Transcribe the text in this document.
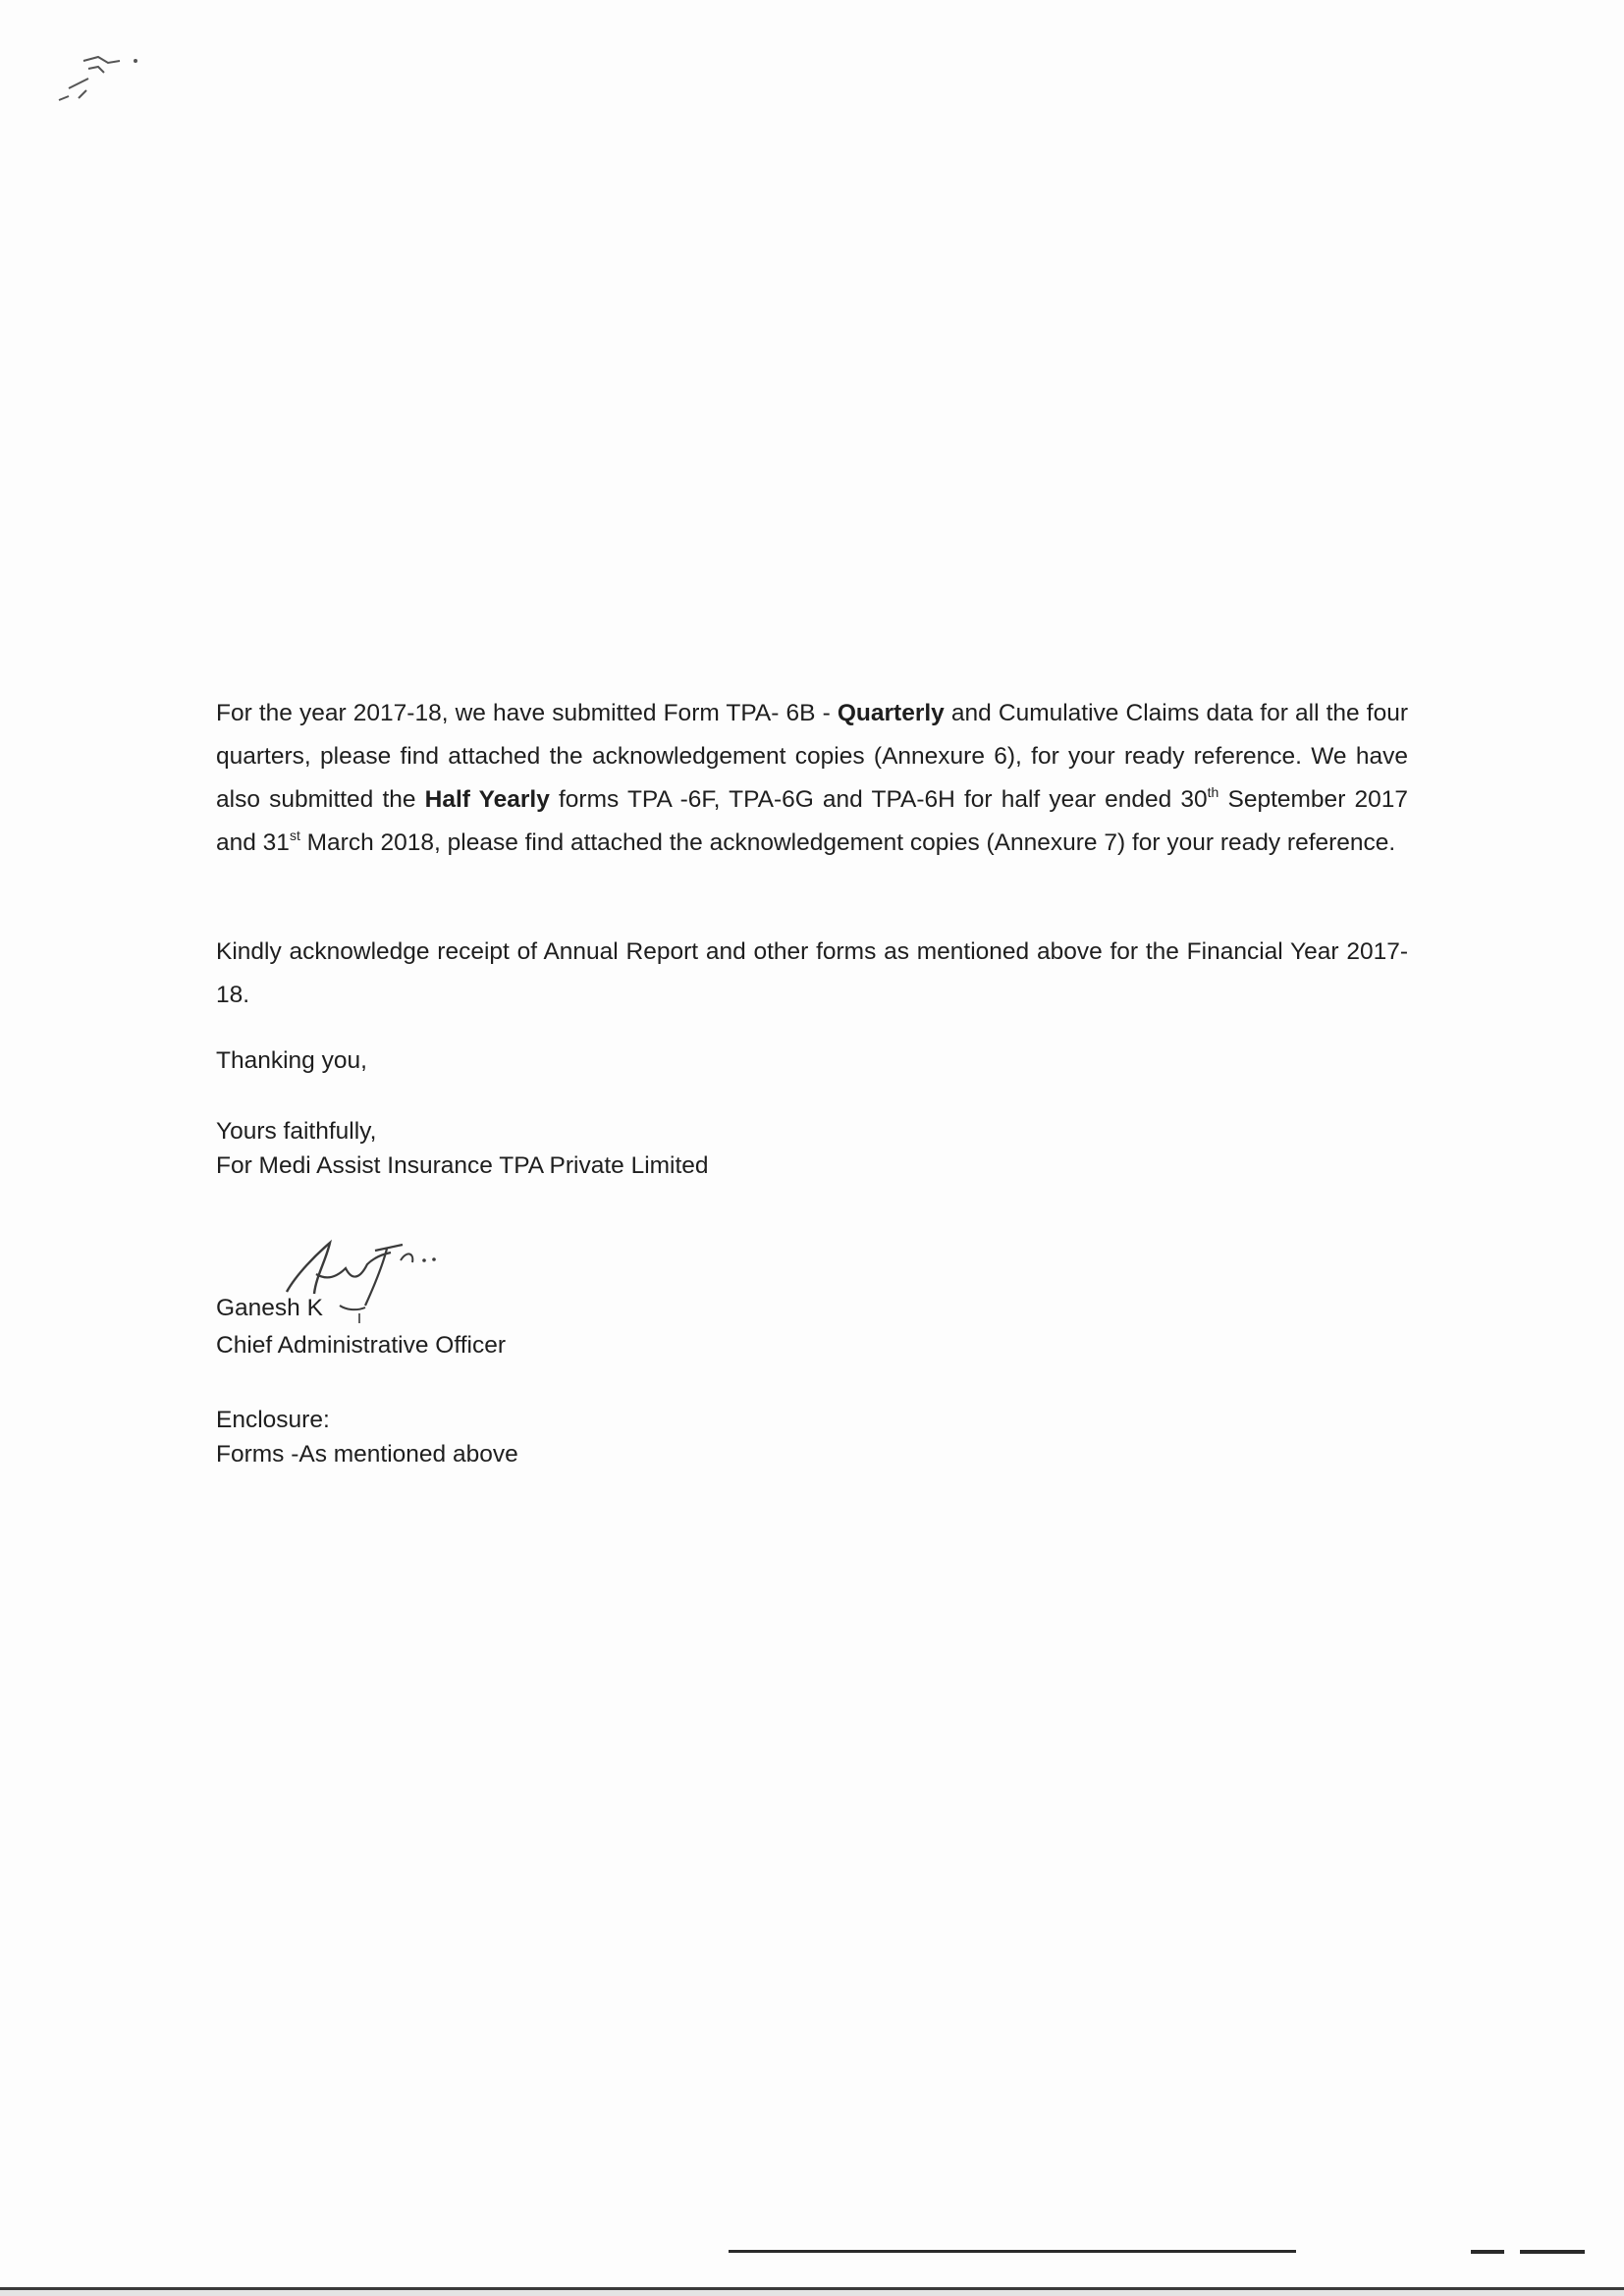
For the year 2017-18, we have submitted Form TPA- 6B - Quarterly and Cumulative Claims data for all the four quarters, please find attached the acknowledgement copies (Annexure 6), for your ready reference. We have also submitted the Half Yearly forms TPA -6F, TPA-6G and TPA-6H for half year ended 30th September 2017 and 31st March 2018, please find attached the acknowledgement copies (Annexure 7) for your ready reference.
Kindly acknowledge receipt of Annual Report and other forms as mentioned above for the Financial Year 2017-18.
Thanking you,
Yours faithfully,
For Medi Assist Insurance TPA Private Limited
Ganesh K
Chief Administrative Officer
Enclosure:
Forms -As mentioned above
